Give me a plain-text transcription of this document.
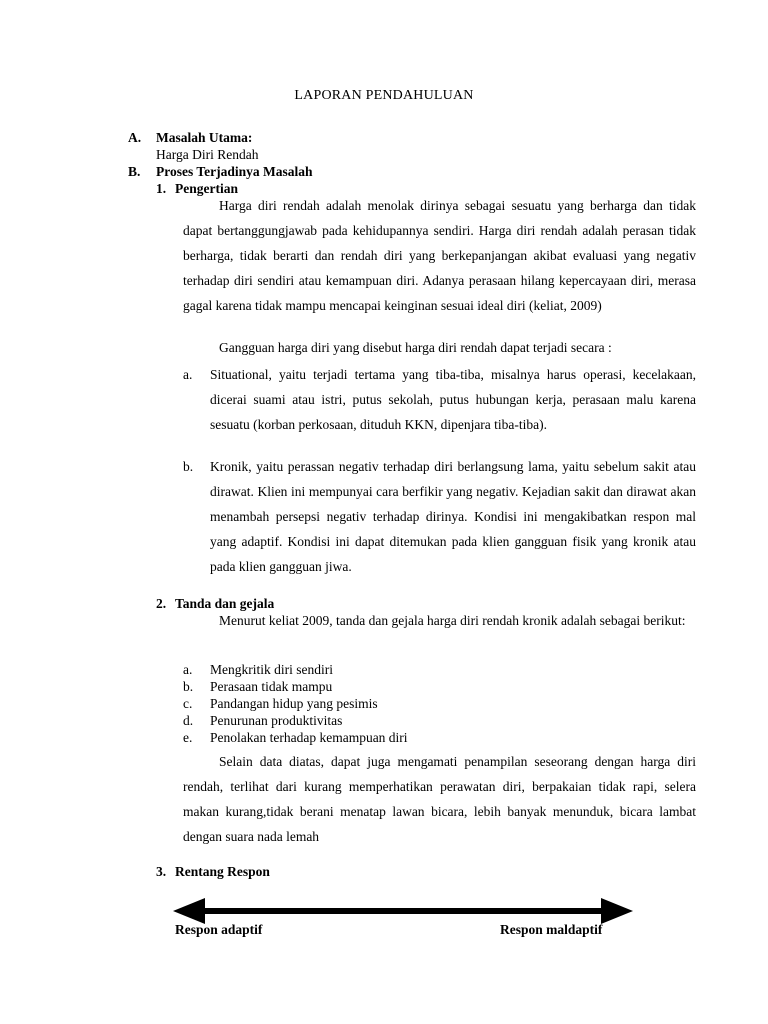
LAPORAN PENDAHULUAN
A. Masalah Utama:
Harga Diri Rendah
B. Proses Terjadinya Masalah
1. Pengertian
Harga diri rendah adalah menolak dirinya sebagai sesuatu yang berharga dan tidak dapat bertanggungjawab pada kehidupannya sendiri. Harga diri rendah adalah perasan tidak berharga, tidak berarti dan rendah diri yang berkepanjangan akibat evaluasi yang negativ terhadap diri sendiri atau kemampuan diri. Adanya perasaan hilang kepercayaan diri, merasa gagal karena tidak mampu mencapai keinginan sesuai ideal diri (keliat, 2009)
Gangguan harga diri yang disebut harga diri rendah dapat terjadi secara :
a. Situational, yaitu terjadi tertama yang tiba-tiba, misalnya harus operasi, kecelakaan, dicerai suami atau istri, putus sekolah, putus hubungan kerja, perasaan malu karena sesuatu (korban perkosaan, dituduh KKN, dipenjara tiba-tiba).
b. Kronik, yaitu perassan negativ terhadap diri berlangsung lama, yaitu sebelum sakit atau dirawat. Klien ini mempunyai cara berfikir yang negativ. Kejadian sakit dan dirawat akan menambah persepsi negativ terhadap dirinya. Kondisi ini mengakibatkan respon mal yang adaptif. Kondisi ini dapat ditemukan pada klien gangguan fisik yang kronik atau pada klien gangguan jiwa.
2. Tanda dan gejala
Menurut keliat 2009, tanda dan gejala harga diri rendah kronik adalah sebagai berikut:
a. Mengkritik diri sendiri
b. Perasaan tidak mampu
c. Pandangan hidup yang pesimis
d. Penurunan produktivitas
e. Penolakan terhadap kemampuan diri
Selain data diatas, dapat juga mengamati penampilan seseorang dengan harga diri rendah, terlihat dari kurang memperhatikan perawatan diri, berpakaian tidak rapi, selera makan kurang,tidak berani menatap lawan bicara, lebih banyak menunduk, bicara lambat dengan suara nada lemah
3. Rentang Respon
Respon adaptif	Respon maldaptif
